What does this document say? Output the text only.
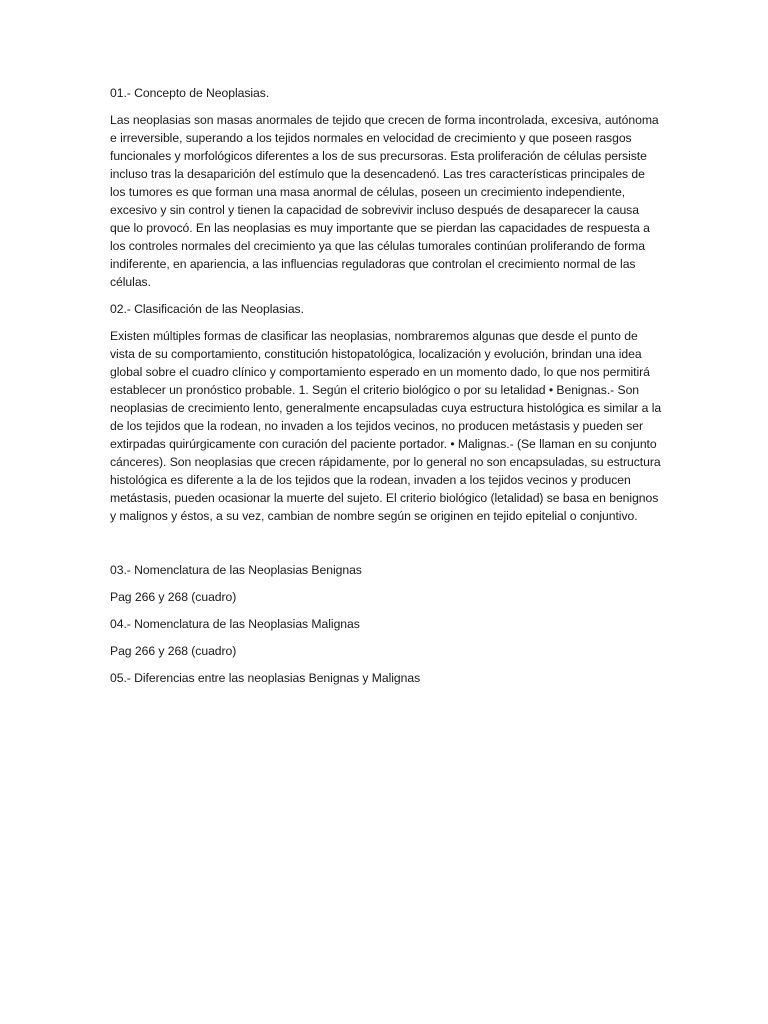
01.- Concepto de Neoplasias.

Las neoplasias son masas anormales de tejido que crecen de forma incontrolada, excesiva, autónoma e irreversible, superando a los tejidos normales en velocidad de crecimiento y que poseen rasgos funcionales y morfológicos diferentes a los de sus precursoras. Esta proliferación de células persiste incluso tras la desaparición del estímulo que la desencadenó. Las tres características principales de los tumores es que forman una masa anormal de células, poseen un crecimiento independiente, excesivo y sin control y tienen la capacidad de sobrevivir incluso después de desaparecer la causa que lo provocó. En las neoplasias es muy importante que se pierdan las capacidades de respuesta a los controles normales del crecimiento ya que las células tumorales continúan proliferando de forma indiferente, en apariencia, a las influencias reguladoras que controlan el crecimiento normal de las células.

02.- Clasificación de las Neoplasias.

Existen múltiples formas de clasificar las neoplasias, nombraremos algunas que desde el punto de vista de su comportamiento, constitución histopatológica, localización y evolución, brindan una idea global sobre el cuadro clínico y comportamiento esperado en un momento dado, lo que nos permitirá establecer un pronóstico probable. 1. Según el criterio biológico o por su letalidad • Benignas.- Son neoplasias de crecimiento lento, generalmente encapsuladas cuya estructura histológica es similar a la de los tejidos que la rodean, no invaden a los tejidos vecinos, no producen metástasis y pueden ser extirpadas quirúrgicamente con curación del paciente portador. • Malignas.- (Se llaman en su conjunto cánceres). Son neoplasias que crecen rápidamente, por lo general no son encapsuladas, su estructura histológica es diferente a la de los tejidos que la rodean, invaden a los tejidos vecinos y producen metástasis, pueden ocasionar la muerte del sujeto. El criterio biológico (letalidad) se basa en benignos y malignos y éstos, a su vez, cambian de nombre según se originen en tejido epitelial o conjuntivo.

03.- Nomenclatura de las Neoplasias Benignas

Pag 266 y 268 (cuadro)

04.- Nomenclatura de las Neoplasias Malignas

Pag 266 y 268 (cuadro)

05.- Diferencias entre las neoplasias Benignas y Malignas
